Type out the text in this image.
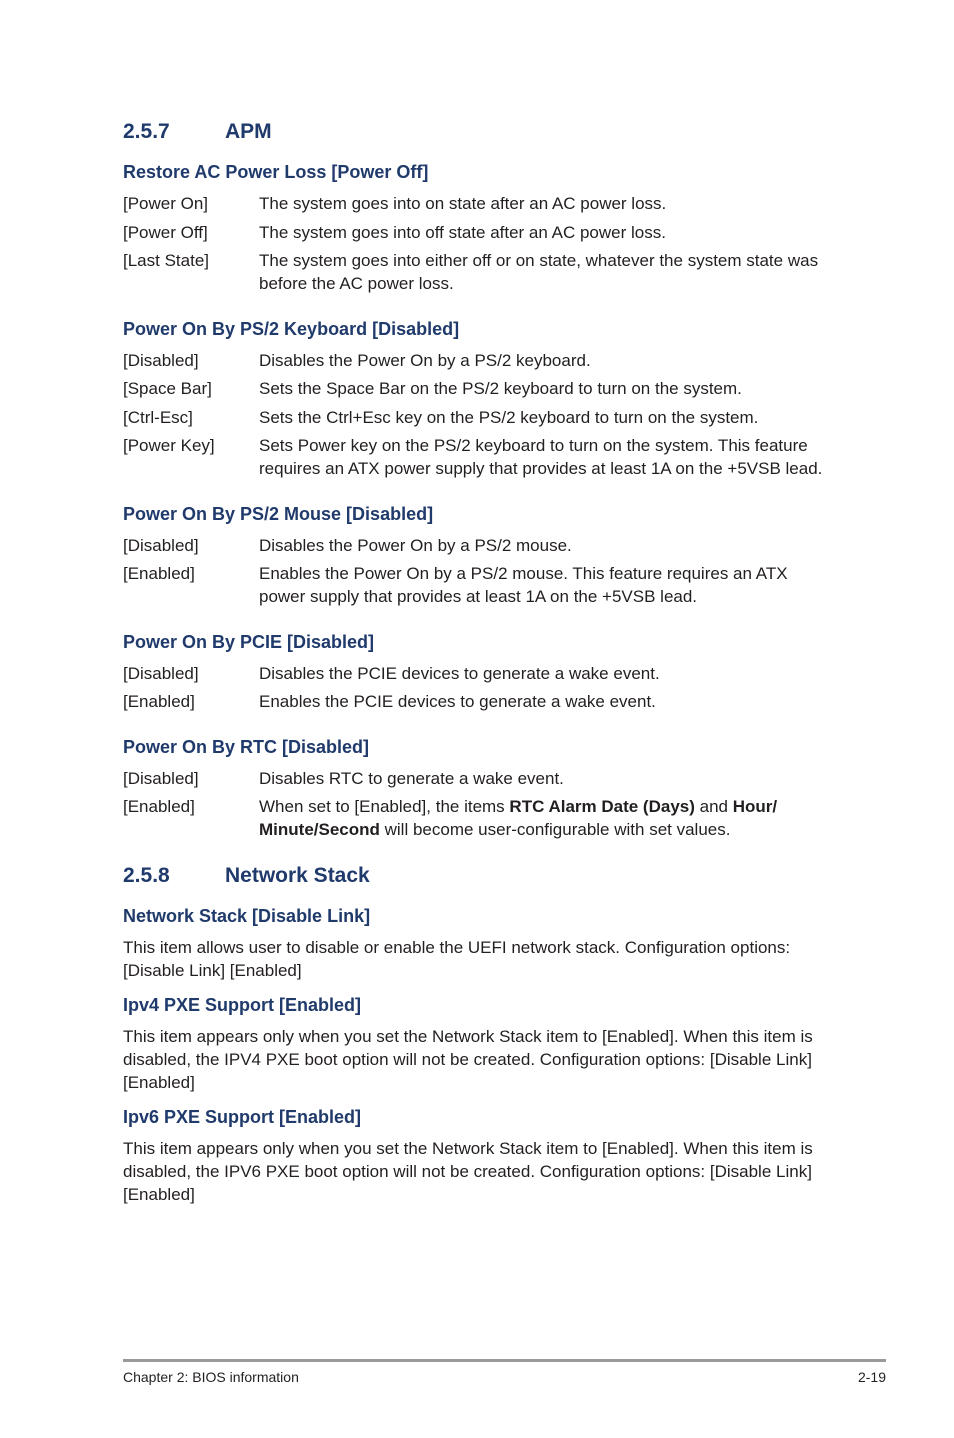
2.5.7	APM
Restore AC Power Loss [Power Off]
[Power On]	The system goes into on state after an AC power loss.
[Power Off]	The system goes into off state after an AC power loss.
[Last State]	The system goes into either off or on state, whatever the system state was before the AC power loss.
Power On By PS/2 Keyboard [Disabled]
[Disabled]	Disables the Power On by a PS/2 keyboard.
[Space Bar]	Sets the Space Bar on the PS/2 keyboard to turn on the system.
[Ctrl-Esc]	Sets the Ctrl+Esc key on the PS/2 keyboard to turn on the system.
[Power Key]	Sets Power key on the PS/2 keyboard to turn on the system. This feature requires an ATX power supply that provides at least 1A on the +5VSB lead.
Power On By PS/2 Mouse [Disabled]
[Disabled]	Disables the Power On by a PS/2 mouse.
[Enabled]	Enables the Power On by a PS/2 mouse. This feature requires an ATX power supply that provides at least 1A on the +5VSB lead.
Power On By PCIE [Disabled]
[Disabled]	Disables the PCIE devices to generate a wake event.
[Enabled]	Enables the PCIE devices to generate a wake event.
Power On By RTC [Disabled]
[Disabled]	Disables RTC to generate a wake event.
[Enabled]	When set to [Enabled], the items RTC Alarm Date (Days) and Hour/ Minute/Second will become user-configurable with set values.
2.5.8	Network Stack
Network Stack [Disable Link]
This item allows user to disable or enable the UEFI network stack. Configuration options: [Disable Link] [Enabled]
Ipv4 PXE Support [Enabled]
This item appears only when you set the Network Stack item to [Enabled]. When this item is disabled, the IPV4 PXE boot option will not be created. Configuration options: [Disable Link] [Enabled]
Ipv6 PXE Support [Enabled]
This item appears only when you set the Network Stack item to [Enabled]. When this item is disabled, the IPV6 PXE boot option will not be created. Configuration options: [Disable Link] [Enabled]
Chapter 2: BIOS information	2-19
